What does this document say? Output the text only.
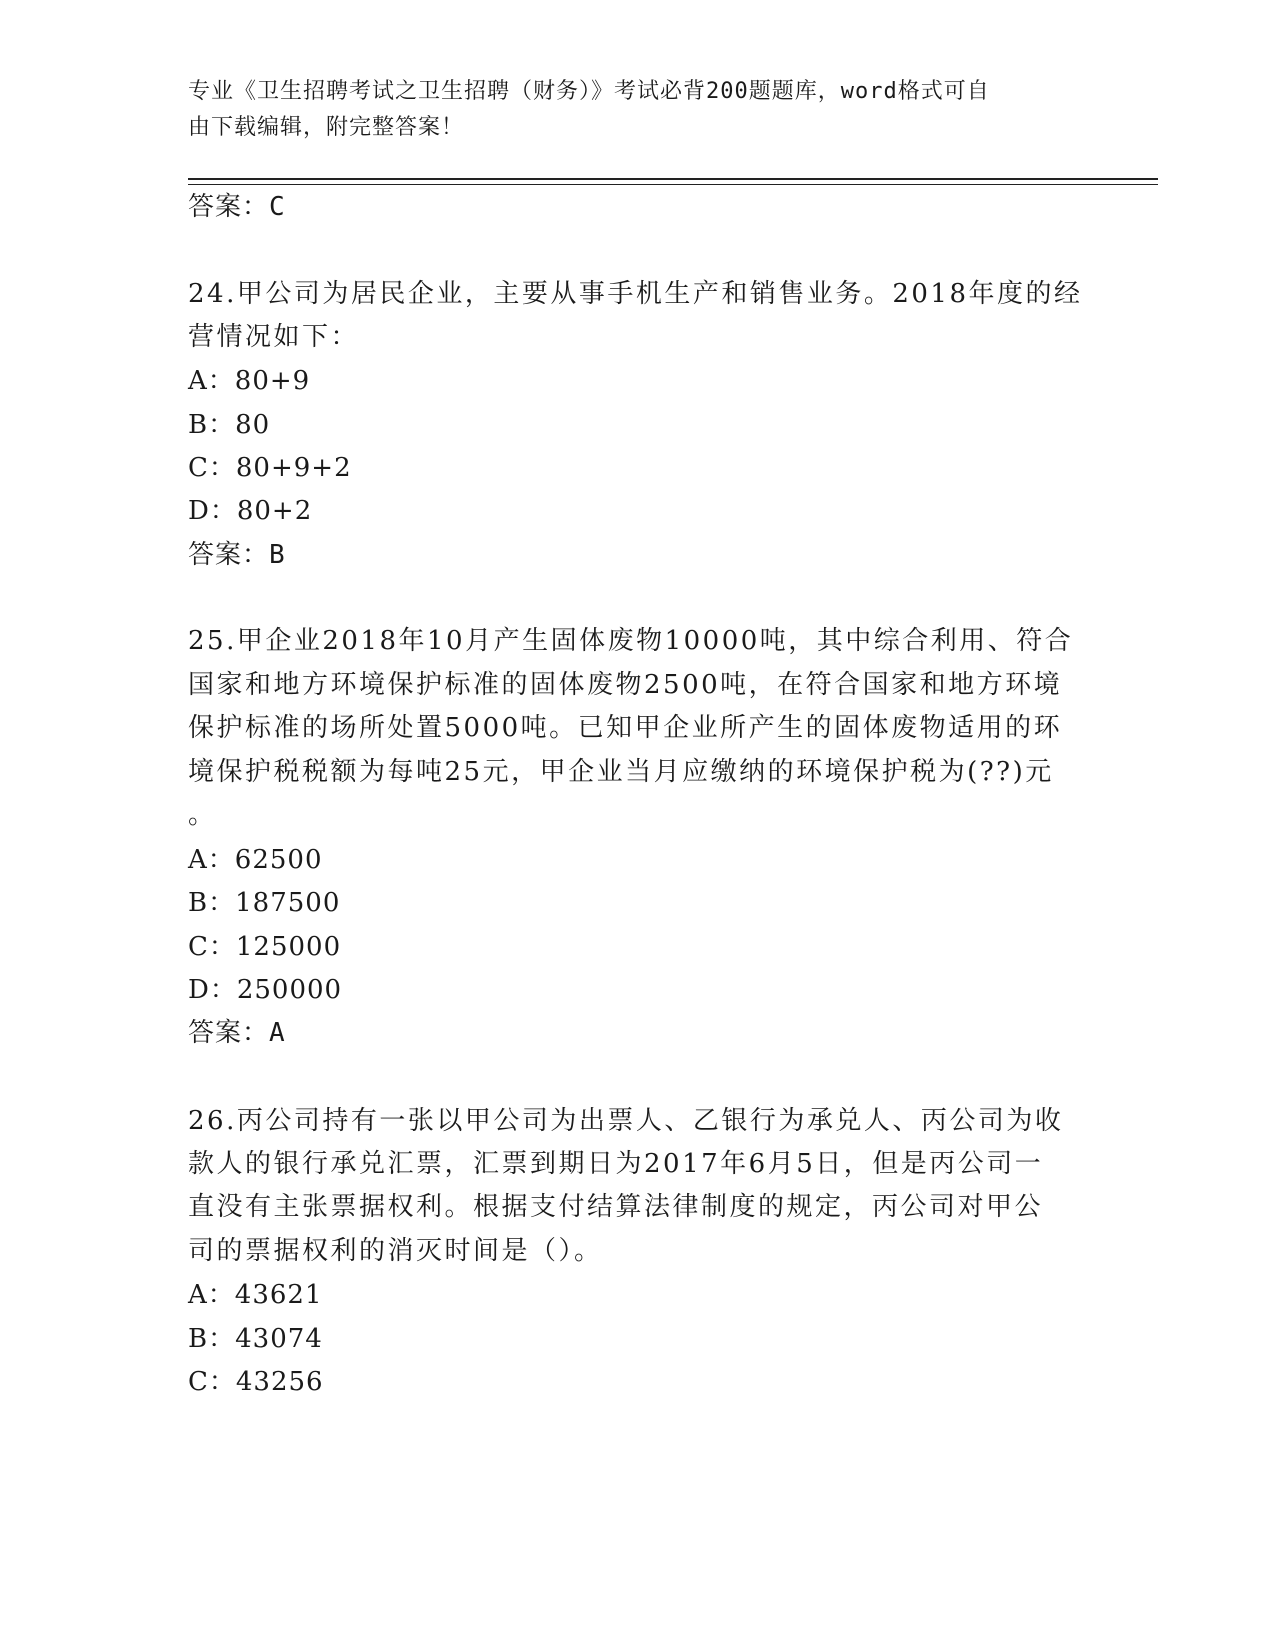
专业《卫生招聘考试之卫生招聘（财务）》考试必背200题题库，word格式可自
由下载编辑，附完整答案！
答案：C
24.甲公司为居民企业，主要从事手机生产和销售业务。2018年度的经
营情况如下：
A：80+9
B：80
C：80+9+2
D：80+2
答案：B
25.甲企业2018年10月产生固体废物10000吨，其中综合利用、符合
国家和地方环境保护标准的固体废物2500吨，在符合国家和地方环境
保护标准的场所处置5000吨。已知甲企业所产生的固体废物适用的环
境保护税税额为每吨25元，甲企业当月应缴纳的环境保护税为(??)元
。
A：62500
B：187500
C：125000
D：250000
答案：A
26.丙公司持有一张以甲公司为出票人、乙银行为承兑人、丙公司为收
款人的银行承兑汇票，汇票到期日为2017年6月5日，但是丙公司一
直没有主张票据权利。根据支付结算法律制度的规定，丙公司对甲公
司的票据权利的消灭时间是（）。
A：43621
B：43074
C：43256
